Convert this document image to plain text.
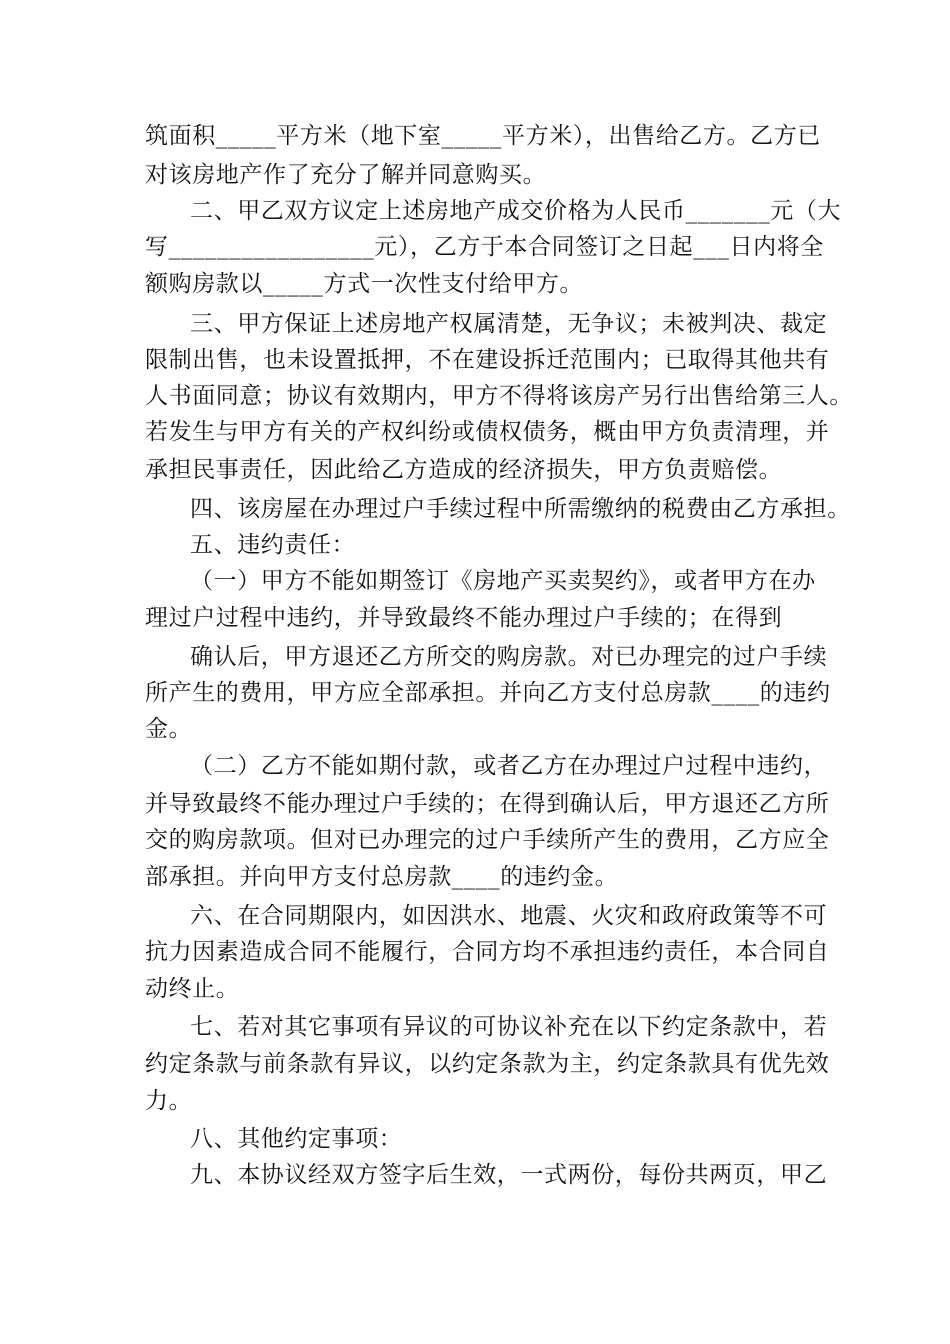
筑面积_____平方米（地下室_____平方米），出售给乙方。乙方已
对该房地产作了充分了解并同意购买。
二、甲乙双方议定上述房地产成交价格为人民币_______元（大
写_________________元），乙方于本合同签订之日起___日内将全
额购房款以_____方式一次性支付给甲方。
三、甲方保证上述房地产权属清楚，无争议；未被判决、裁定
限制出售，也未设置抵押，不在建设拆迁范围内；已取得其他共有
人书面同意；协议有效期内，甲方不得将该房产另行出售给第三人。
若发生与甲方有关的产权纠纷或债权债务，概由甲方负责清理，并
承担民事责任，因此给乙方造成的经济损失，甲方负责赔偿。
四、该房屋在办理过户手续过程中所需缴纳的税费由乙方承担。
五、违约责任：
（一）甲方不能如期签订《房地产买卖契约》，或者甲方在办
理过户过程中违约，并导致最终不能办理过户手续的；在得到
确认后，甲方退还乙方所交的购房款。对已办理完的过户手续
所产生的费用，甲方应全部承担。并向乙方支付总房款____的违约
金。
（二）乙方不能如期付款，或者乙方在办理过户过程中违约，
并导致最终不能办理过户手续的；在得到确认后，甲方退还乙方所
交的购房款项。但对已办理完的过户手续所产生的费用，乙方应全
部承担。并向甲方支付总房款____的违约金。
六、在合同期限内，如因洪水、地震、火灾和政府政策等不可
抗力因素造成合同不能履行，合同方均不承担违约责任，本合同自
动终止。
七、若对其它事项有异议的可协议补充在以下约定条款中，若
约定条款与前条款有异议，以约定条款为主，约定条款具有优先效
力。
八、其他约定事项：
九、本协议经双方签字后生效，一式两份，每份共两页，甲乙
